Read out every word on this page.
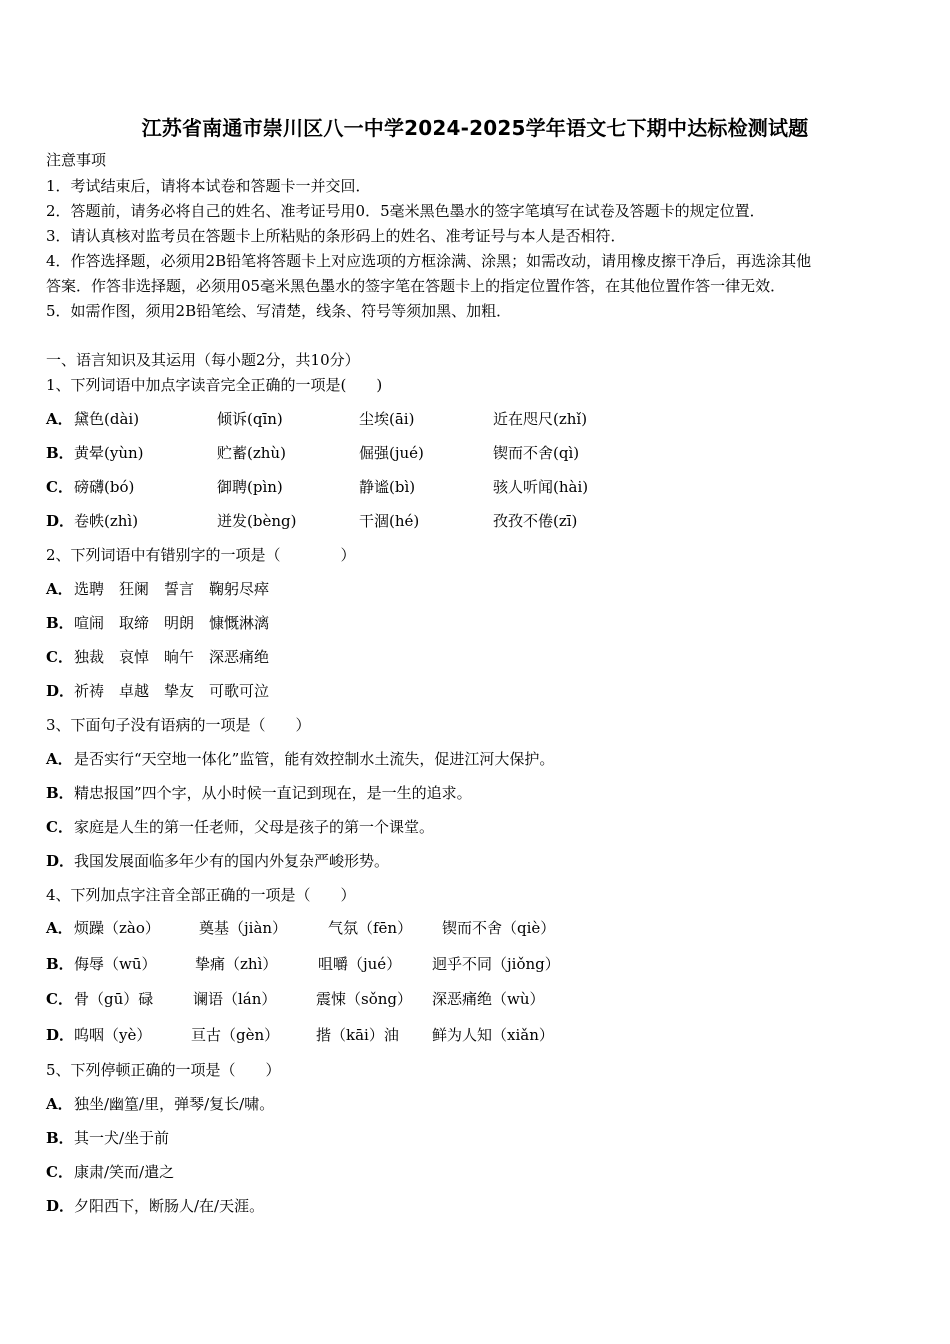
江苏省南通市崇川区八一中学2024-2025学年语文七下期中达标检测试题
注意事项
1．考试结束后，请将本试卷和答题卡一并交回．
2．答题前，请务必将自己的姓名、准考证号用0．5毫米黑色墨水的签字笔填写在试卷及答题卡的规定位置．
3．请认真核对监考员在答题卡上所粘贴的条形码上的姓名、准考证号与本人是否相符．
4．作答选择题，必须用2B铅笔将答题卡上对应选项的方框涂满、涂黑；如需改动，请用橡皮擦干净后，再选涂其他
答案．作答非选择题，必须用05毫米黑色墨水的签字笔在答题卡上的指定位置作答，在其他位置作答一律无效．
5．如需作图，须用2B铅笔绘、写清楚，线条、符号等须加黑、加粗．
一、语言知识及其运用（每小题2分，共10分）
1、下列词语中加点字读音完全正确的一项是(　　)
A． 黛色(dài)	倾诉(qīn)	尘埃(āi)	近在咫尺(zhǐ)
B． 黄晕(yùn)	贮蓄(zhù)	倔强(jué)	锲而不舍(qì)
C． 磅礴(bó)	御聘(pìn)	静谧(bì)	骇人听闻(hài)
D． 卷帙(zhì)	迸发(bèng)	干涸(hé)	孜孜不倦(zī)
2、下列词语中有错别字的一项是（　　　　）
A．选聘　狂阑　誓言　鞠躬尽瘁
B．喧闹　取缔　明朗　慷慨淋漓
C．独裁　哀悼　晌午　深恶痛绝
D．祈祷　卓越　挚友　可歌可泣
3、下面句子没有语病的一项是（　　）
A．是否实行“天空地一体化”监管，能有效控制水土流失，促进江河大保护。
B．精忠报国”四个字，从小时候一直记到现在，是一生的追求。
C．家庭是人生的第一任老师，父母是孩子的第一个课堂。
D．我国发展面临多年少有的国内外复杂严峻形势。
4、下列加点字注音全部正确的一项是（　　）
A． 烦躁（zào）	奠基（jiàn）	气氛（fēn） 锲而不舍（qiè）
B． 侮辱（wū）	挚痛（zhì）	咀嚼（jué） 迥乎不同（jiǒng）
C． 骨（gū）碌	谰语（lán）	震悚（sǒng） 深恶痛绝（wù）
D． 呜咽（yè）	亘古（gèn） 揩（kāi）油 鲜为人知（xiǎn）
5、下列停顿正确的一项是（　　）
A．独坐/幽篁/里，弹琴/复长/啸。
B．其一犬/坐于前
C．康肃/笑而/遣之
D．夕阳西下，断肠人/在/天涯。
